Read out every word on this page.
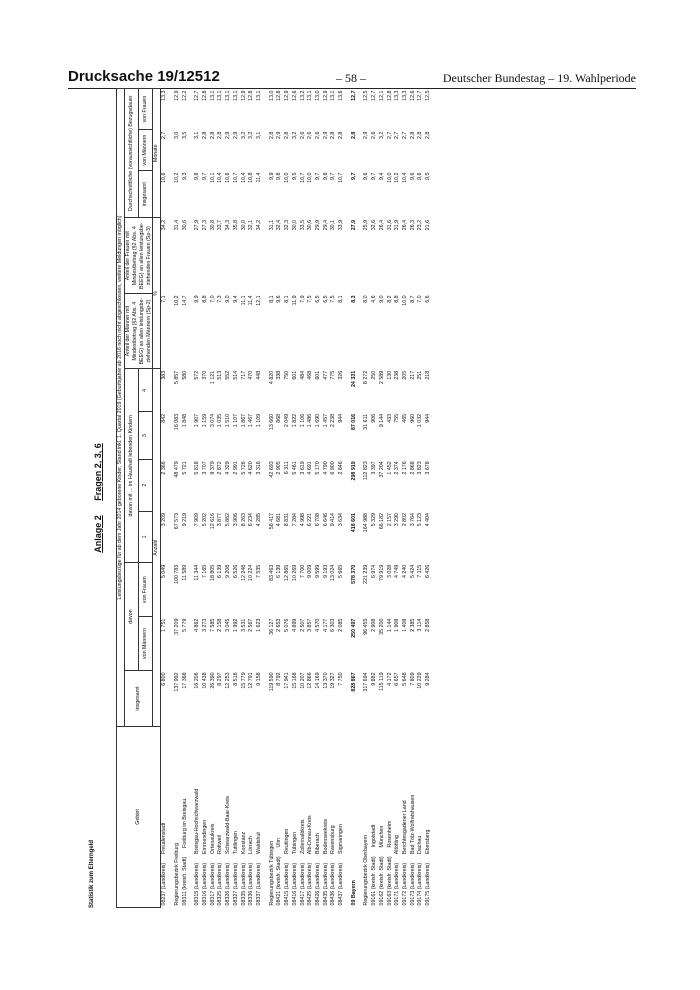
Drucksache 19/12512	– 58 –	Deutscher Bundestag – 19. Wahlperiode
Statistik zum Elterngeld
Anlage 2 Fragen 2, 3, 6
Gebiet	Leistungsbezüge für ab dem Jahr 2014 geborene Kinder, Stand inkl. 1. Quartal 2019 (Geburtsjahre ab 2016 noch nicht abgeschlossen, weitere Meldungen möglich)											
	insgesamt	davon		davon mit ... im Haushalt lebenden Kindern				Anteil der Männer mit Mindestbetrag (§2 Abs. 4 BEEG) an allen leistungsbeziehenden Männern (Sp-2)	Anteil der Frauen mit Mindestbetrag (§2 Abs. 4 BEEG) an allen leistungsbeziehenden Frauen (Sp-3)	Durchschnittliche (voraussichtliche) Bezugsdauer		
		von Männern	von Frauen	1	2	3	4			insgesamt	von Männern	von Frauen
	Anzahl							%		Monate		
08237 (Landkreis)      Freudenstadt	6 800	1 751	5 049	3 209	2 366	842	383	7,1	34,2	10,6	2,7	13,3

Regierungsbezirk Freiburg	137 992	37 209	100 783	67 573	48 479	16 083	5 857	10,2	31,4	10,2	3,0	12,9
08311 (kreisfr. Stadt)      Freiburg im Breisgau	17 368	5 779	11 589	9 219	5 721	1 848	580	14,7	30,6	9,3	3,5	12,2

08315 (Landkreis)      Breisgau-Hochschwarzwald	16 206	4 862	11 344	7 909	5 818	1 907	572	9,9	27,9	9,8	3,1	12,7
08316 (Landkreis)      Emmendingen	10 438	3 273	7 165	5 202	3 707	1 159	370	8,8	27,3	9,7	2,8	12,8
08317 (Landkreis)      Ortenaukreis	26 390	7 585	18 805	12 616	9 379	3 074	1 121	7,0	30,8	10,1	2,8	13,1
08325 (Landkreis)      Rottweil	8 297	2 158	6 139	3 877	2 872	1 035	513	7,3	33,7	10,4	2,8	13,1
08326 (Landkreis)      Schwarzwald-Baar-Kreis	12 253	3 045	9 208	5 862	4 329	1 510	552	9,0	34,3	10,6	2,9	13,1
08327 (Landkreis)      Tuttlingen	8 518	1 992	6 526	3 906	2 991	1 107	514	9,4	35,8	10,7	2,9	13,1
08335 (Landkreis)      Konstanz	15 779	3 531	12 248	8 263	5 726	1 867	717	11,1	30,0	10,4	3,2	12,9
08336 (Landkreis)      Lörrach	12 791	2 567	10 224	6 234	4 620	1 467	470	11,4	32,1	10,8	3,2	12,8
08337 (Landkreis)      Waldshut	9 158	1 623	7 535	4 285	3 316	1 109	448	12,1	34,2	11,4	3,1	13,1

Regierungsbezirk Tübingen	119 590	36 127	83 463	58 417	42 693	13 660	4 820	8,1	31,1	9,9	2,8	13,0
08421 (kreisfr. Stadt)      Ulm	8 792	2 653	6 139	4 681	2 905	868	338	9,6	32,4	9,8	2,9	12,8
08415 (Landkreis)      Reutlingen	17 941	5 076	12 865	8 831	6 311	2 049	750	8,1	32,3	10,0	2,8	12,9
08416 (Landkreis)      Tübingen	15 168	4 899	10 269	7 284	5 461	1 822	601	11,9	30,0	9,5	3,2	12,6
08417 (Landkreis)      Zollernalbkreis	10 207	2 507	7 700	4 998	3 619	1 106	484	7,9	33,5	10,7	2,6	13,2
08425 (Landkreis)      Alb-Donau-Kreis	12 866	3 857	9 009	6 221	4 691	1 486	468	7,5	30,6	10,0	2,6	13,1
08426 (Landkreis)      Biberach	14 169	4 570	9 599	6 708	5 170	1 690	601	6,5	29,9	9,7	2,6	13,0
08435 (Landkreis)      Bodenseekreis	13 370	4 177	9 193	6 646	4 790	1 457	477	6,5	29,4	9,8	2,9	12,9
08436 (Landkreis)      Ravensburg	19 327	6 303	13 024	9 414	6 900	2 238	775	7,5	30,1	9,7	2,8	13,1
08437 (Landkreis)      Sigmaringen	7 750	2 085	5 665	3 634	2 846	944	326	8,1	33,9	10,7	2,8	13,6

09 Bayern	828 867	250 497	578 370	418 601	298 919	87 016	24 331	8,3	27,9	9,7	2,8	12,7

Regierungsbezirk Oberbayern	317 694	96 455	221 239	164 988	112 823	31 611	8 272	8,0	25,9	9,6	2,9	12,5
09161 (kreisfr. Stadt)      Ingolstadt	9 882	2 908	6 974	5 329	3 397	906	250	4,6	32,6	9,7	2,6	12,7
09162 (kreisfr. Stadt)      München	115 119	35 200	79 919	66 182	37 204	9 144	2 589	9,0	26,4	9,4	3,2	12,1
09163 (kreisfr. Stadt)      Rosenheim	4 172	1 144	3 028	2 157	1 452	433	130	8,2	31,6	10,0	2,7	12,8
09171 (Landkreis)      Altötting	6 657	1 908	4 749	3 290	2 374	755	238	8,8	31,9	10,2	2,7	13,3
09172 (Landkreis)      Berchtesgadener Land	5 648	1 408	4 240	2 802	2 176	465	205	10,0	26,4	10,4	2,7	13,3
09173 (Landkreis)      Bad Tölz-Wolfratshausen	7 809	2 385	5 424	3 764	2 868	960	217	8,7	26,3	9,6	2,8	12,6
09174 (Landkreis)      Dachau	10 229	3 114	7 115	5 123	3 823	1 032	251	7,0	23,2	9,6	2,8	12,7
09175 (Landkreis)      Ebersberg	9 284	2 858	6 426	4 404	3 678	944	218	6,6	21,6	9,5	2,8	12,5
